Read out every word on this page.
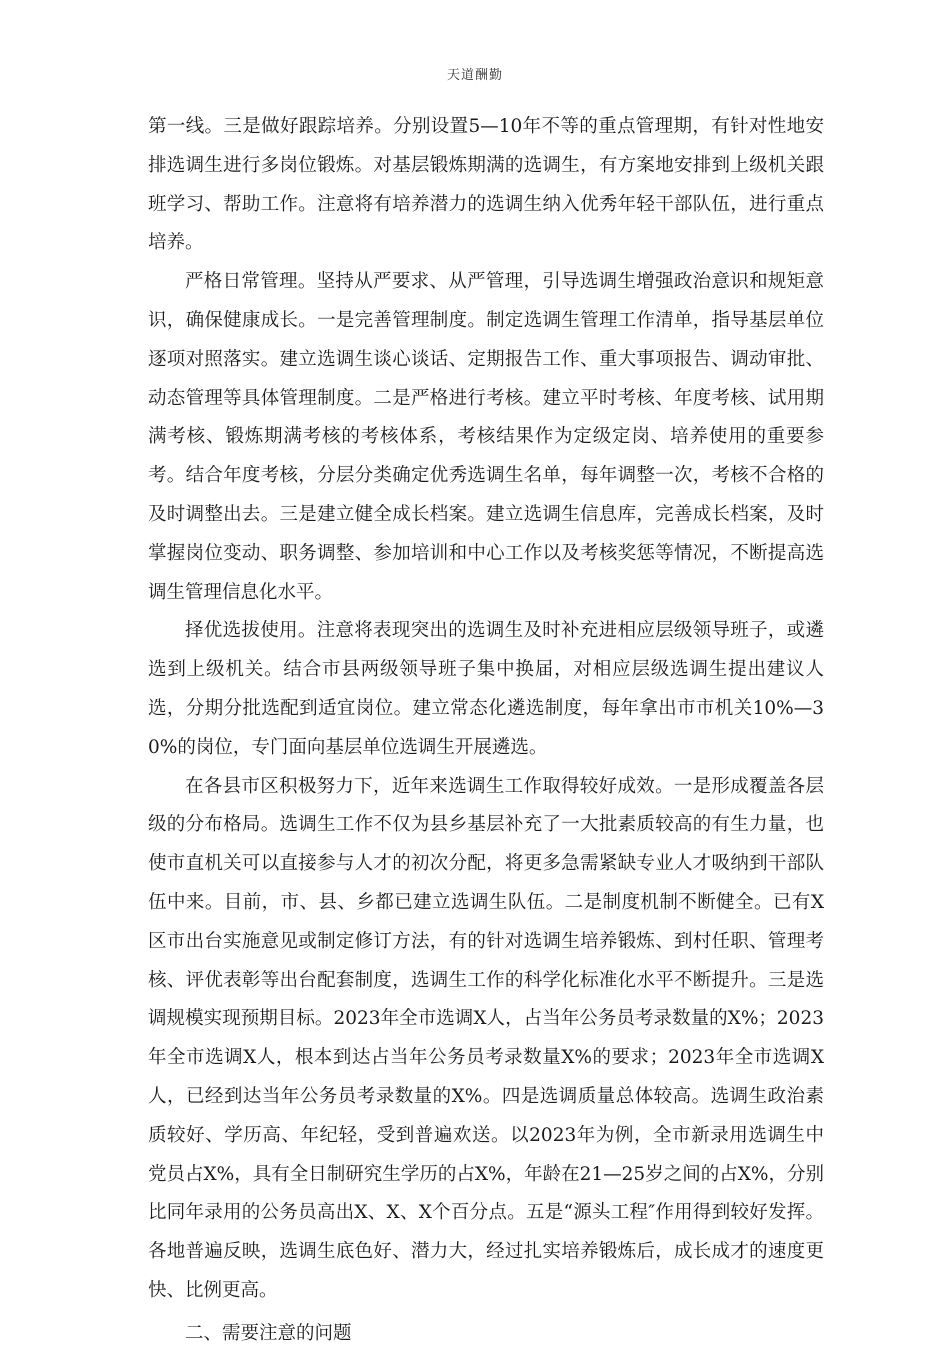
天道酬勤

第一线。三是做好跟踪培养。分别设置5—10年不等的重点管理期，有针对性地安排选调生进行多岗位锻炼。对基层锻炼期满的选调生，有方案地安排到上级机关跟班学习、帮助工作。注意将有培养潜力的选调生纳入优秀年轻干部队伍，进行重点培养。

严格日常管理。坚持从严要求、从严管理，引导选调生增强政治意识和规矩意识，确保健康成长。一是完善管理制度。制定选调生管理工作清单，指导基层单位逐项对照落实。建立选调生谈心谈话、定期报告工作、重大事项报告、调动审批、动态管理等具体管理制度。二是严格进行考核。建立平时考核、年度考核、试用期满考核、锻炼期满考核的考核体系，考核结果作为定级定岗、培养使用的重要参考。结合年度考核，分层分类确定优秀选调生名单，每年调整一次，考核不合格的及时调整出去。三是建立健全成长档案。建立选调生信息库，完善成长档案，及时掌握岗位变动、职务调整、参加培训和中心工作以及考核奖惩等情况，不断提高选调生管理信息化水平。

择优选拔使用。注意将表现突出的选调生及时补充进相应层级领导班子，或遴选到上级机关。结合市县两级领导班子集中换届，对相应层级选调生提出建议人选，分期分批选配到适宜岗位。建立常态化遴选制度，每年拿出市市机关10%—30%的岗位，专门面向基层单位选调生开展遴选。

在各县市区积极努力下，近年来选调生工作取得较好成效。一是形成覆盖各层级的分布格局。选调生工作不仅为县乡基层补充了一大批素质较高的有生力量，也使市直机关可以直接参与人才的初次分配，将更多急需紧缺专业人才吸纳到干部队伍中来。目前，市、县、乡都已建立选调生队伍。二是制度机制不断健全。已有X区市出台实施意见或制定修订方法，有的针对选调生培养锻炼、到村任职、管理考核、评优表彰等出台配套制度，选调生工作的科学化标准化水平不断提升。三是选调规模实现预期目标。2023年全市选调X人，占当年公务员考录数量的X%；2023年全市选调X人，根本到达占当年公务员考录数量X%的要求；2023年全市选调X人，已经到达当年公务员考录数量的X%。四是选调质量总体较高。选调生政治素质较好、学历高、年纪轻，受到普遍欢送。以2023年为例，全市新录用选调生中党员占X%，具有全日制研究生学历的占X%，年龄在21—25岁之间的占X%，分别比同年录用的公务员高出X、X、X个百分点。五是“源头工程″作用得到较好发挥。各地普遍反映，选调生底色好、潜力大，经过扎实培养锻炼后，成长成才的速度更快、比例更高。

二、需要注意的问题
